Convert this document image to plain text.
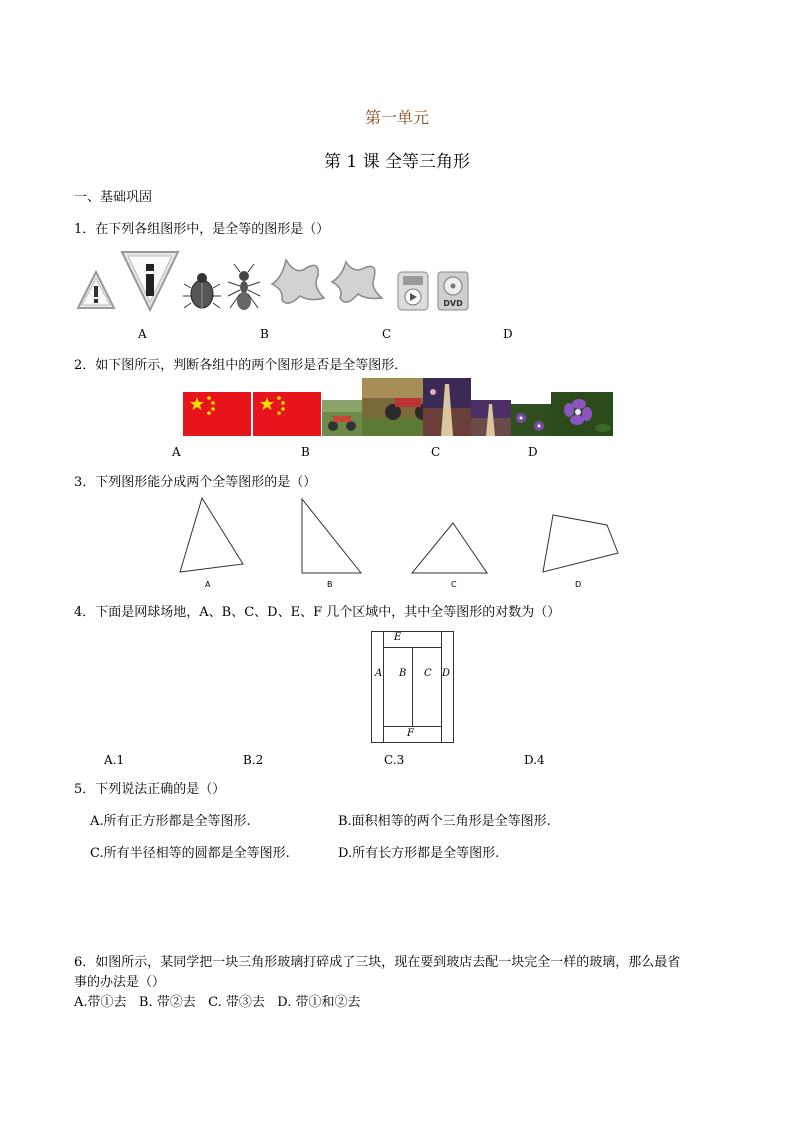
第一单元
第 1 课 全等三角形
一、基础巩固
1．在下列各组图形中，是全等的图形是（）
DVD
A	B	C	D
2．如下图所示，判断各组中的两个图形是否是全等图形．
A	B	C	D
3．下列图形能分成两个全等图形的是（）
A	B	C	D
4．下面是网球场地，A、B、C、D、E、F 几个区域中，其中全等图形的对数为（）
E
A B C D
F
A.1	B.2	C.3	D.4
5．下列说法正确的是（）
A.所有正方形都是全等图形.	B.面积相等的两个三角形是全等图形.
C.所有半径相等的圆都是全等图形.	D.所有长方形都是全等图形.
6．如图所示，某同学把一块三角形玻璃打碎成了三块，现在要到玻店去配一块完全一样的玻璃，那么最省
事的办法是（）
A.带①去   B. 带②去   C. 带③去   D. 带①和②去
